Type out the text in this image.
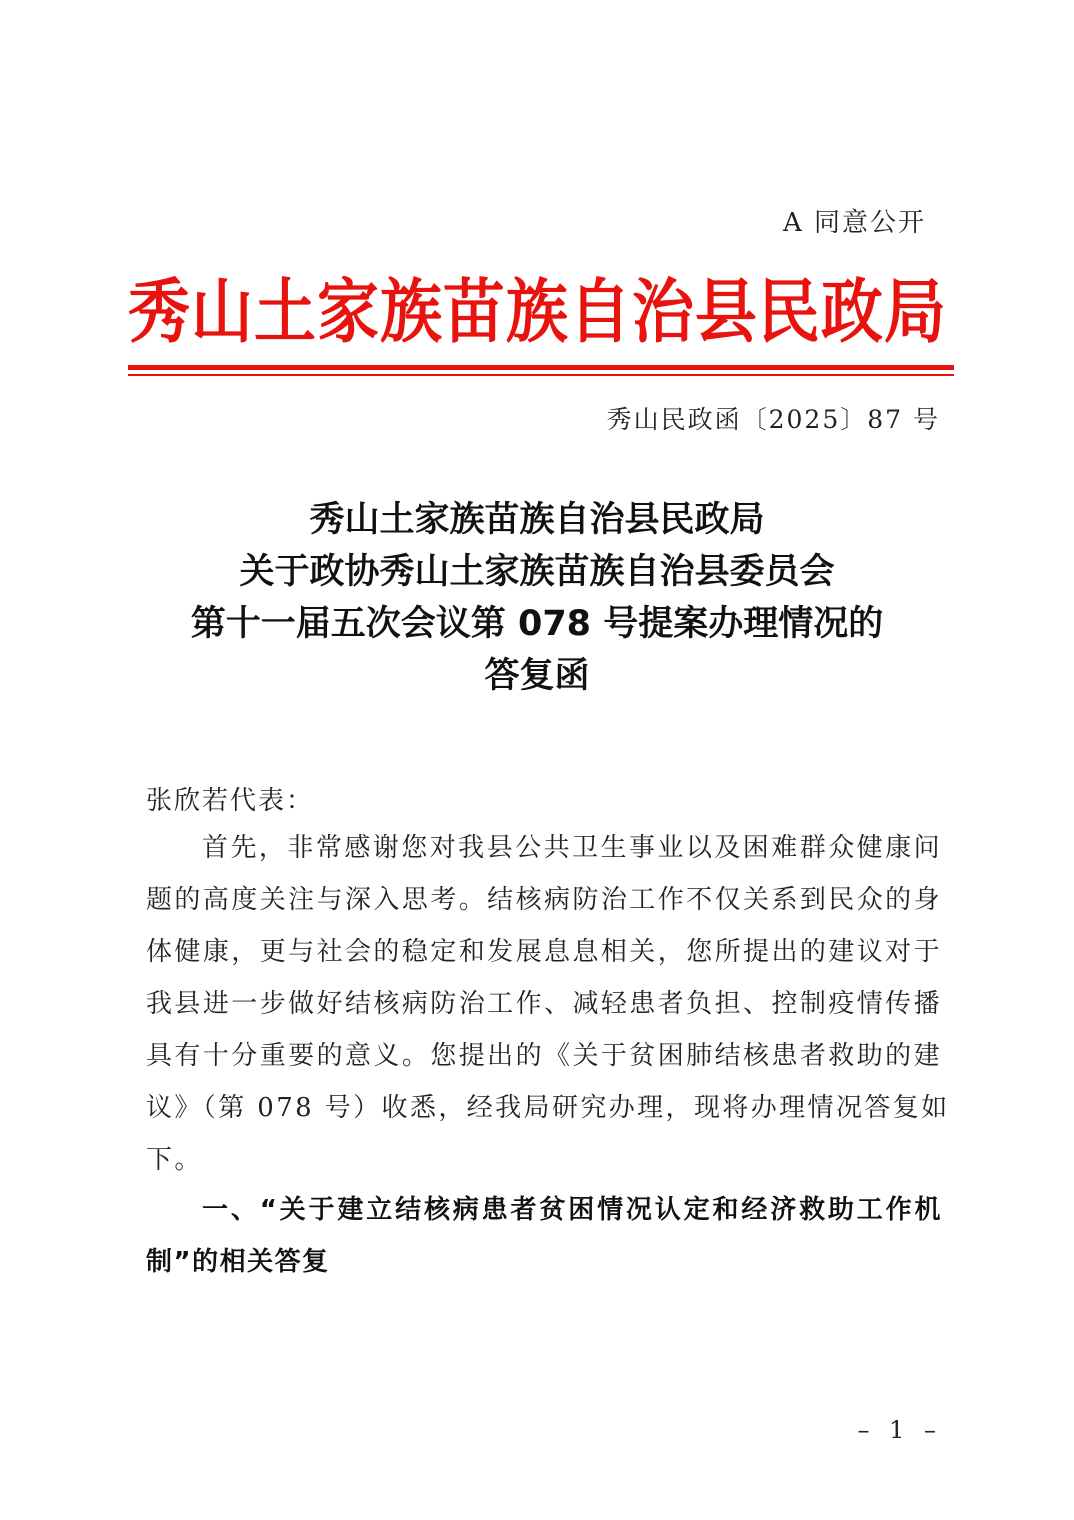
A 同意公开
秀 山 土 家 族 苗 族 自 治 县 民 政 局
秀山民政函〔2025〕87 号
秀山土家族苗族自治县民政局
关于政协秀山土家族苗族自治县委员会
第十一届五次会议第 078 号提案办理情况的
答复函
张欣若代表：
首先，非常感谢您对我县公共卫生事业以及困难群众健康问
题的高度关注与深入思考。结核病防治工作不仅关系到民众的身
体健康，更与社会的稳定和发展息息相关，您所提出的建议对于
我县进一步做好结核病防治工作、减轻患者负担、控制疫情传播
具有十分重要的意义。您提出的《关于贫困肺结核患者救助的建
议》（第 078 号）收悉，经我局研究办理，现将办理情况答复如
下。
一、“关于建立结核病患者贫困情况认定和经济救助工作机
制”的相关答复
– 1 –
